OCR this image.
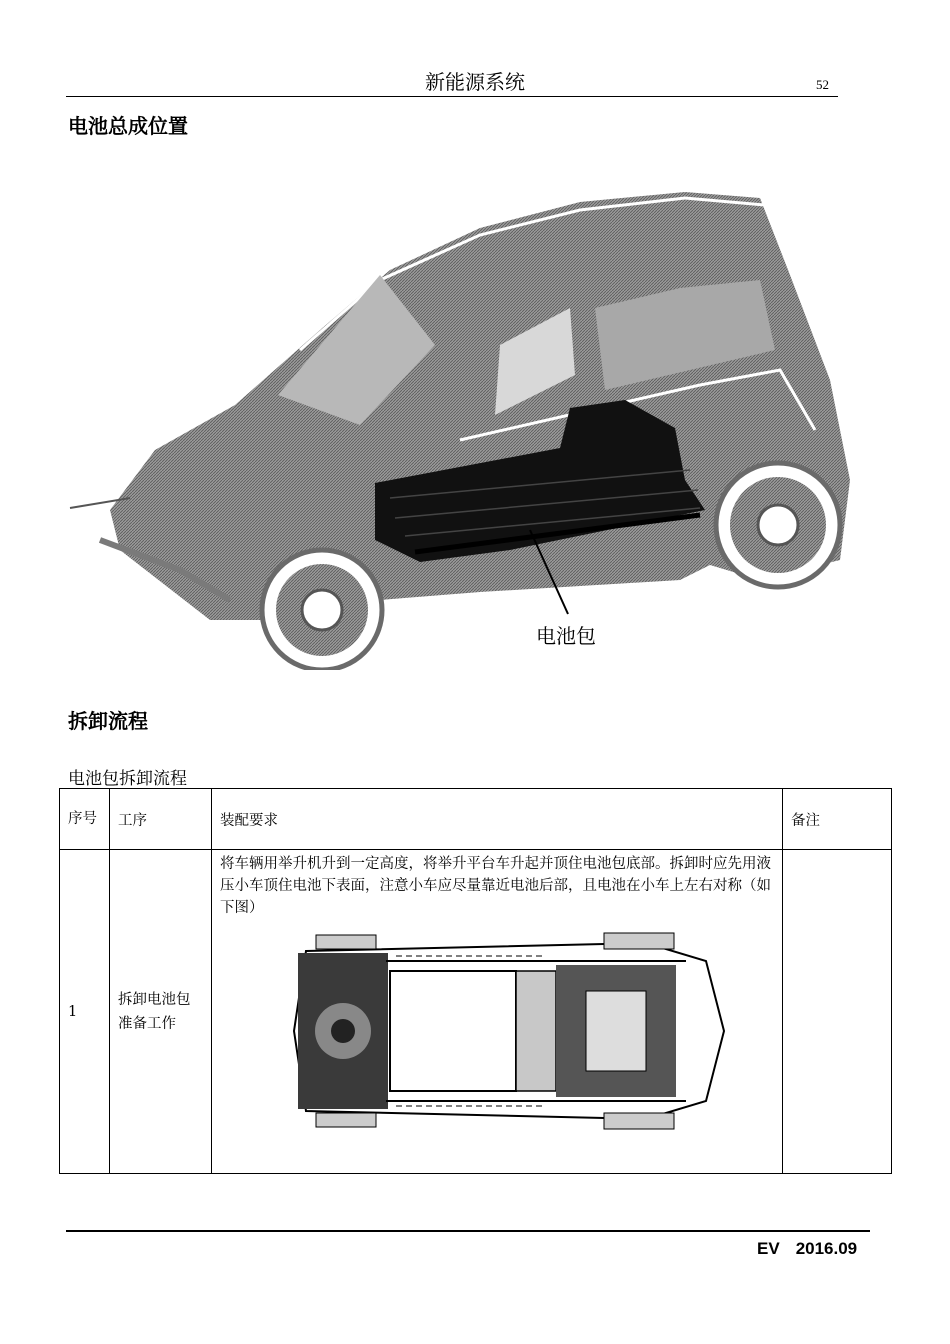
新能源系统	52
电池总成位置
电池包
拆卸流程
电池包拆卸流程
序号	工序	装配要求	备注
1	拆卸电池包准备工作	将车辆用举升机升到一定高度，将举升平台车升起并顶住电池包底部。拆卸时应先用液压小车顶住电池下表面，注意小车应尽量靠近电池后部，且电池在小车上左右对称（如下图）	

EV 2016.09
